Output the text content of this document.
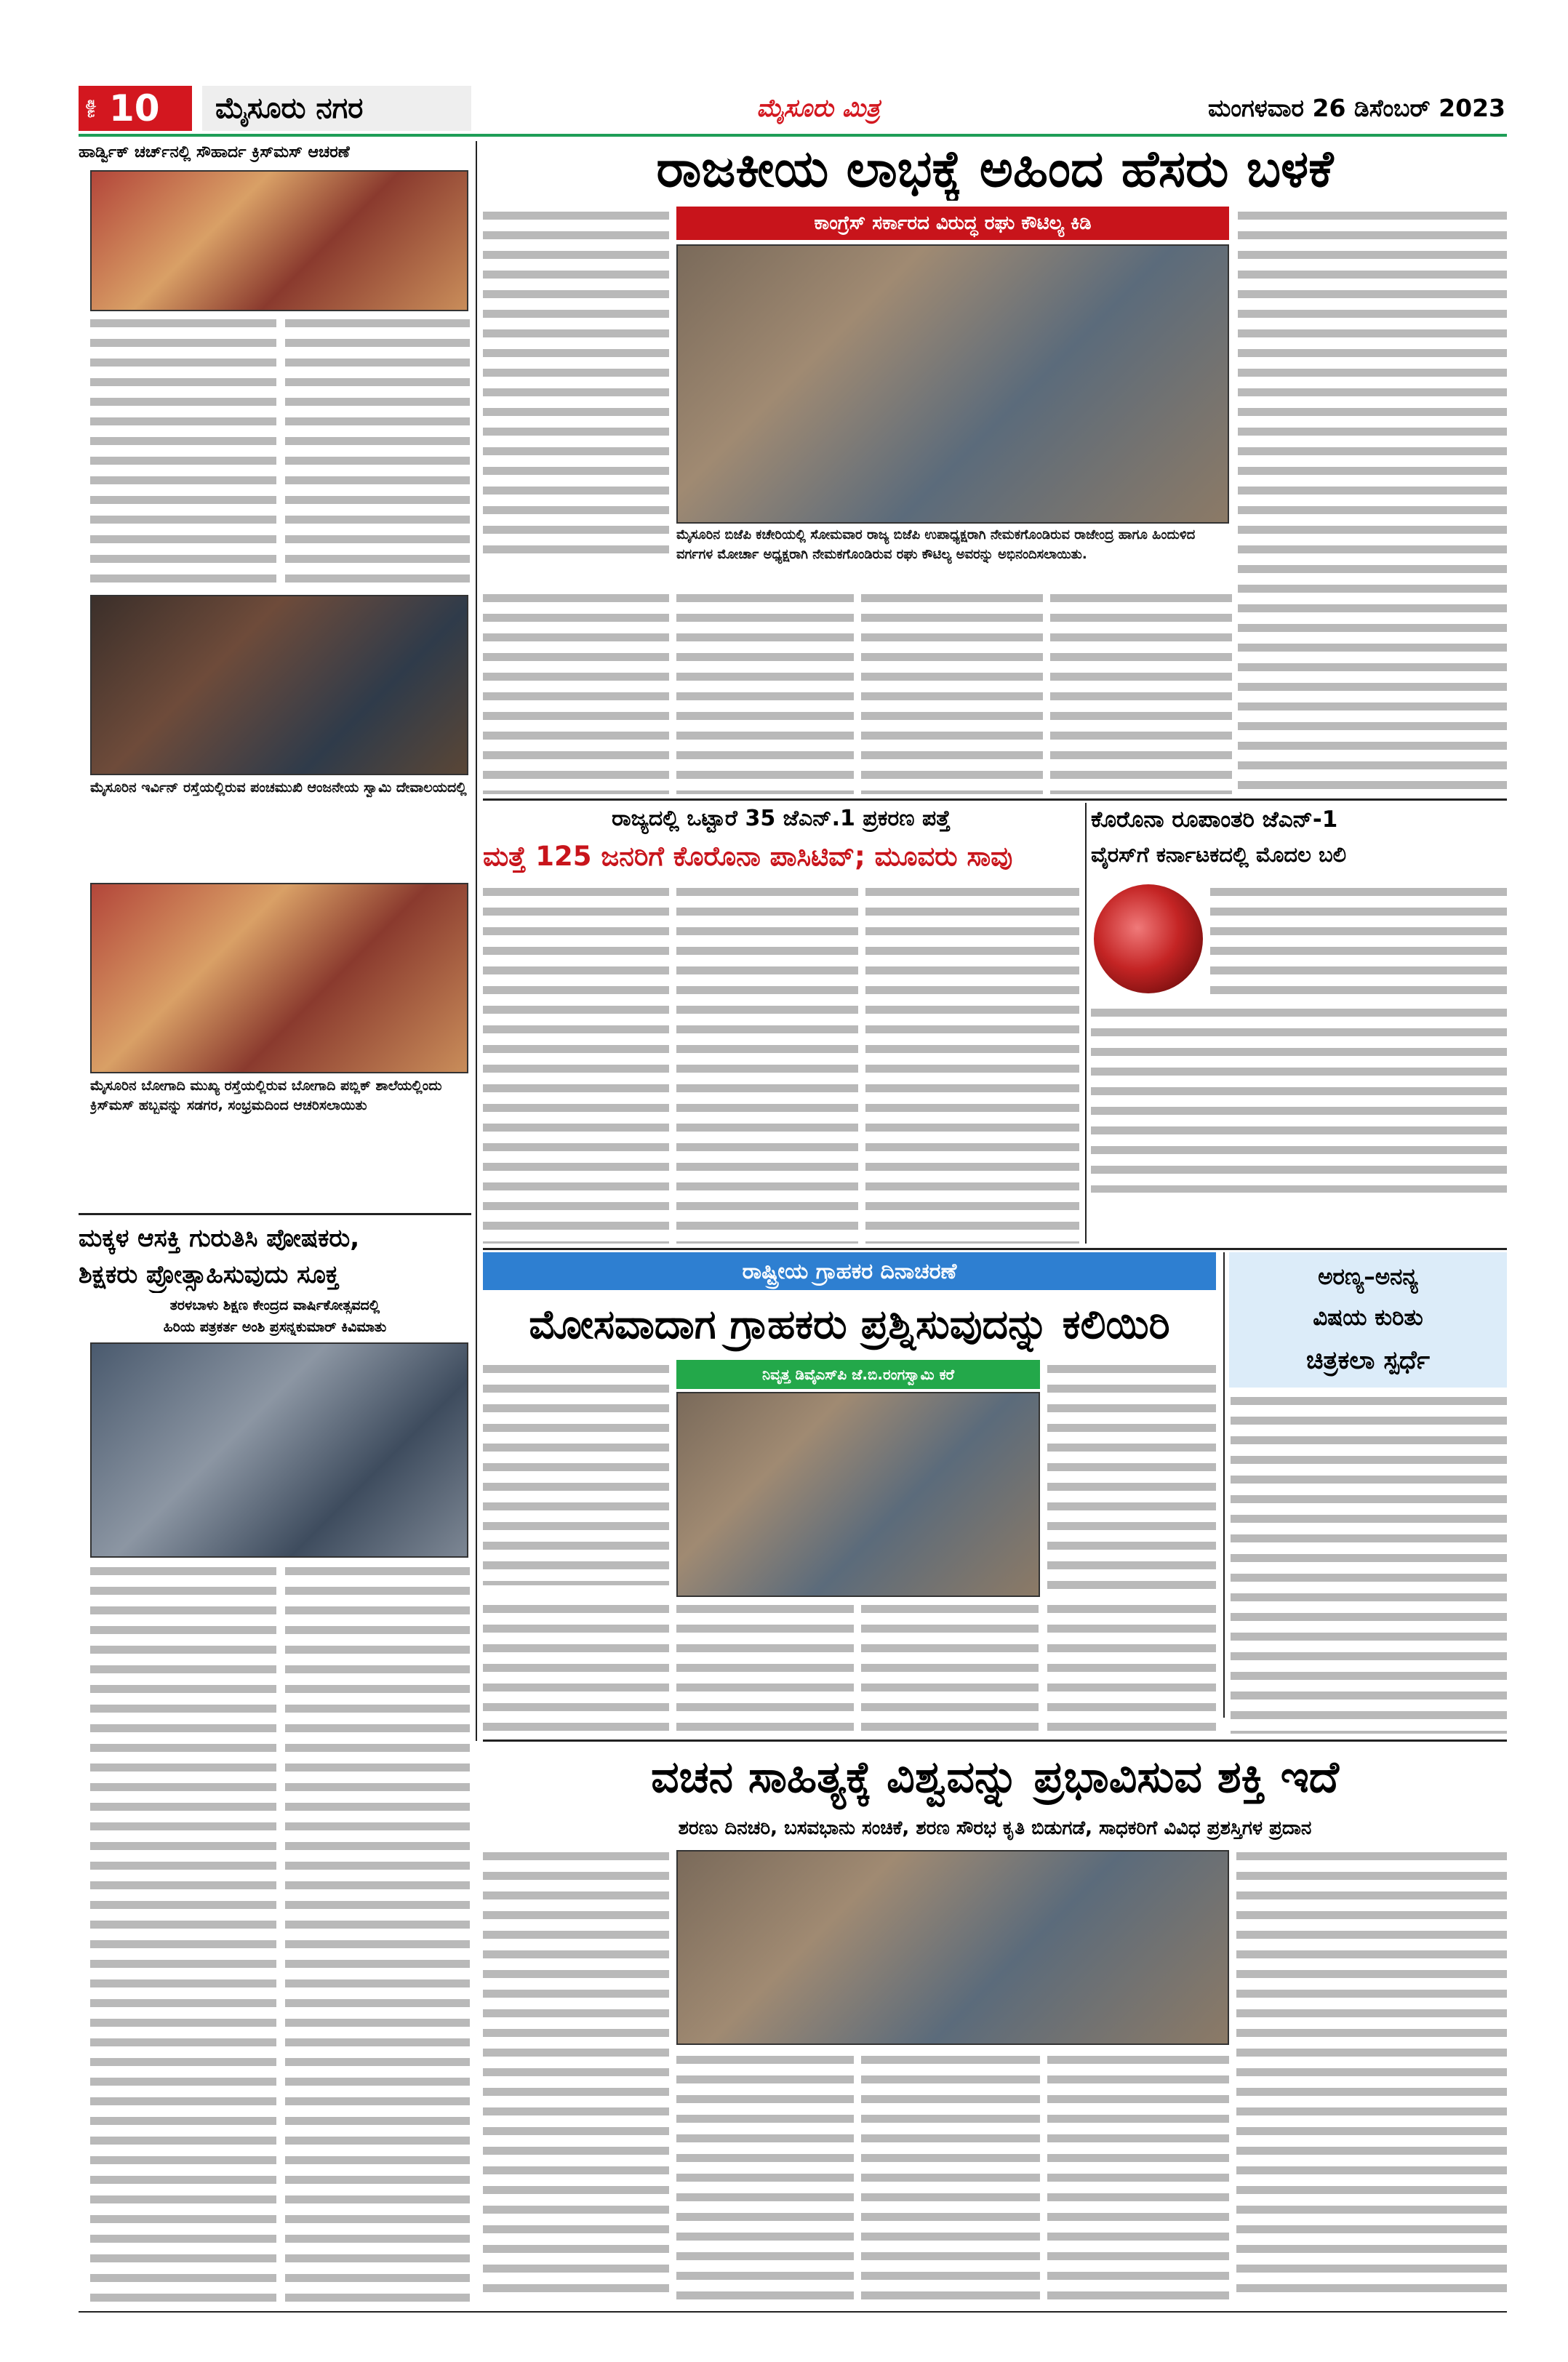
ಪುಟ 10	ಮೈಸೂರು ನಗರ	ಮೈಸೂರು ಮಿತ್ರ	ಮಂಗಳವಾರ 26 ಡಿಸೆಂಬರ್ 2023
ಹಾರ್ಡ್ವಿಕ್ ಚರ್ಚ್‌ನಲ್ಲಿ ಸೌಹಾರ್ದ ಕ್ರಿಸ್‌ಮಸ್ ಆಚರಣೆ
ಮೈಸೂರಿನ ಇರ್ವಿನ್ ರಸ್ತೆಯಲ್ಲಿರುವ ಪಂಚಮುಖಿ ಆಂಜನೇಯ ಸ್ವಾಮಿ ದೇವಾಲಯದಲ್ಲಿ
ಮೈಸೂರಿನ ಬೋಗಾದಿ ಮುಖ್ಯ ರಸ್ತೆಯಲ್ಲಿರುವ ಬೋಗಾದಿ ಪಬ್ಲಿಕ್ ಶಾಲೆಯಲ್ಲಿಂದು ಕ್ರಿಸ್‌ಮಸ್ ಹಬ್ಬವನ್ನು ಸಡಗರ, ಸಂಭ್ರಮದಿಂದ ಆಚರಿಸಲಾಯಿತು
ಮಕ್ಕಳ ಆಸಕ್ತಿ ಗುರುತಿಸಿ ಪೋಷಕರು,
ಶಿಕ್ಷಕರು ಪ್ರೋತ್ಸಾಹಿಸುವುದು ಸೂಕ್ತ
ತರಳಬಾಳು ಶಿಕ್ಷಣ ಕೇಂದ್ರದ ವಾರ್ಷಿಕೋತ್ಸವದಲ್ಲಿ
ಹಿರಿಯ ಪತ್ರಕರ್ತ ಅಂಶಿ ಪ್ರಸನ್ನಕುಮಾರ್ ಕಿವಿಮಾತು
ರಾಜಕೀಯ ಲಾಭಕ್ಕೆ ಅಹಿಂದ ಹೆಸರು ಬಳಕೆ
ಕಾಂಗ್ರೆಸ್ ಸರ್ಕಾರದ ವಿರುದ್ಧ ರಘು ಕೌಟಿಲ್ಯ ಕಿಡಿ
ಮೈಸೂರಿನ ಬಿಜೆಪಿ ಕಚೇರಿಯಲ್ಲಿ ಸೋಮವಾರ ರಾಜ್ಯ ಬಿಜೆಪಿ ಉಪಾಧ್ಯಕ್ಷರಾಗಿ ನೇಮಕಗೊಂಡಿರುವ ರಾಜೇಂದ್ರ ಹಾಗೂ ಹಿಂದುಳಿದ ವರ್ಗಗಳ ಮೋರ್ಚಾ ಅಧ್ಯಕ್ಷರಾಗಿ ನೇಮಕಗೊಂಡಿರುವ ರಘು ಕೌಟಿಲ್ಯ ಅವರನ್ನು ಅಭಿನಂದಿಸಲಾಯಿತು.
ರಾಜ್ಯದಲ್ಲಿ ಒಟ್ಟಾರೆ 35 ಜೆಎನ್.1 ಪ್ರಕರಣ ಪತ್ತೆ
ಮತ್ತೆ 125 ಜನರಿಗೆ ಕೊರೊನಾ ಪಾಸಿಟಿವ್; ಮೂವರು ಸಾವು
ಕೊರೊನಾ ರೂಪಾಂತರಿ ಜೆಎನ್-1
ವೈರಸ್‌ಗೆ ಕರ್ನಾಟಕದಲ್ಲಿ ಮೊದಲ ಬಲಿ
ರಾಷ್ಟ್ರೀಯ ಗ್ರಾಹಕರ ದಿನಾಚರಣೆ
ಮೋಸವಾದಾಗ ಗ್ರಾಹಕರು ಪ್ರಶ್ನಿಸುವುದನ್ನು ಕಲಿಯಿರಿ
ನಿವೃತ್ತ ಡಿವೈಎಸ್‌ಪಿ ಜೆ.ಬಿ.ರಂಗಸ್ವಾಮಿ ಕರೆ
ಅರಣ್ಯ–ಅನನ್ಯ
ವಿಷಯ ಕುರಿತು
ಚಿತ್ರಕಲಾ ಸ್ಪರ್ಧೆ
ವಚನ ಸಾಹಿತ್ಯಕ್ಕೆ ವಿಶ್ವವನ್ನು ಪ್ರಭಾವಿಸುವ ಶಕ್ತಿ ಇದೆ
ಶರಣು ದಿನಚರಿ, ಬಸವಭಾನು ಸಂಚಿಕೆ, ಶರಣ ಸೌರಭ ಕೃತಿ ಬಿಡುಗಡೆ, ಸಾಧಕರಿಗೆ ವಿವಿಧ ಪ್ರಶಸ್ತಿಗಳ ಪ್ರದಾನ
